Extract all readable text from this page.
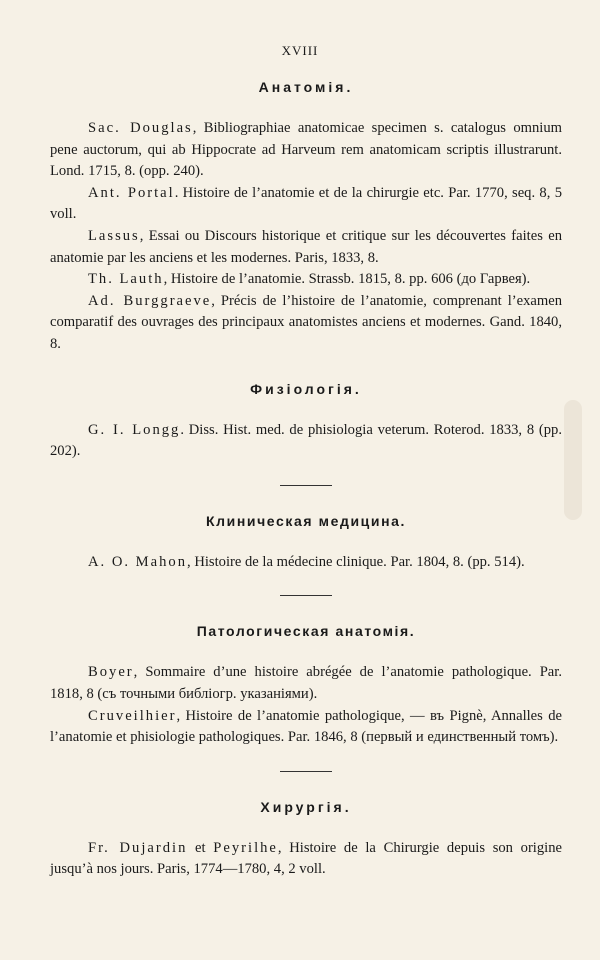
XVIII
Анатомія.

Sac. Douglas, Bibliographiae anatomicae specimen s. catalogus omnium pene auctorum, qui ab Hippocrate ad Harveum rem anatomicam scriptis illustrarunt. Lond. 1715, 8. (opp. 240).

Ant. Portal. Histoire de l’anatomie et de la chirurgie etc. Par. 1770, seq. 8, 5 voll.

Lassus, Essai ou Discours historique et critique sur les découvertes faites en anatomie par les anciens et les modernes. Paris, 1833, 8.

Th. Lauth, Histoire de l’anatomie. Strassb. 1815, 8. pp. 606 (до Гарвея).

Ad. Burggraeve, Précis de l’histoire de l’anatomie, comprenant l’examen comparatif des ouvrages des principaux anatomistes anciens et modernes. Gand. 1840, 8.

Физіологія.

G. I. Longg. Diss. Hist. med. de phisiologia veterum. Roterod. 1833, 8 (pp. 202).

Клиническая медицина.

A. O. Mahon, Histoire de la médecine clinique. Par. 1804, 8. (pp. 514).

Патологическая анатомія.

Boyer, Sommaire d’une histoire abrégée de l’anatomie pathologique. Par. 1818, 8 (съ точными библіогр. указаніями).

Cruveilhier, Histoire de l’anatomie pathologique, — въ Pignè, Annalles de l’anatomie et phisiologie pathologiques. Par. 1846, 8 (первый и единственный томъ).

Хирургія.

Fr. Dujardin et Peyrilhe, Histoire de la Chirurgie depuis son origine jusqu’à nos jours. Paris, 1774—1780, 4, 2 voll.
